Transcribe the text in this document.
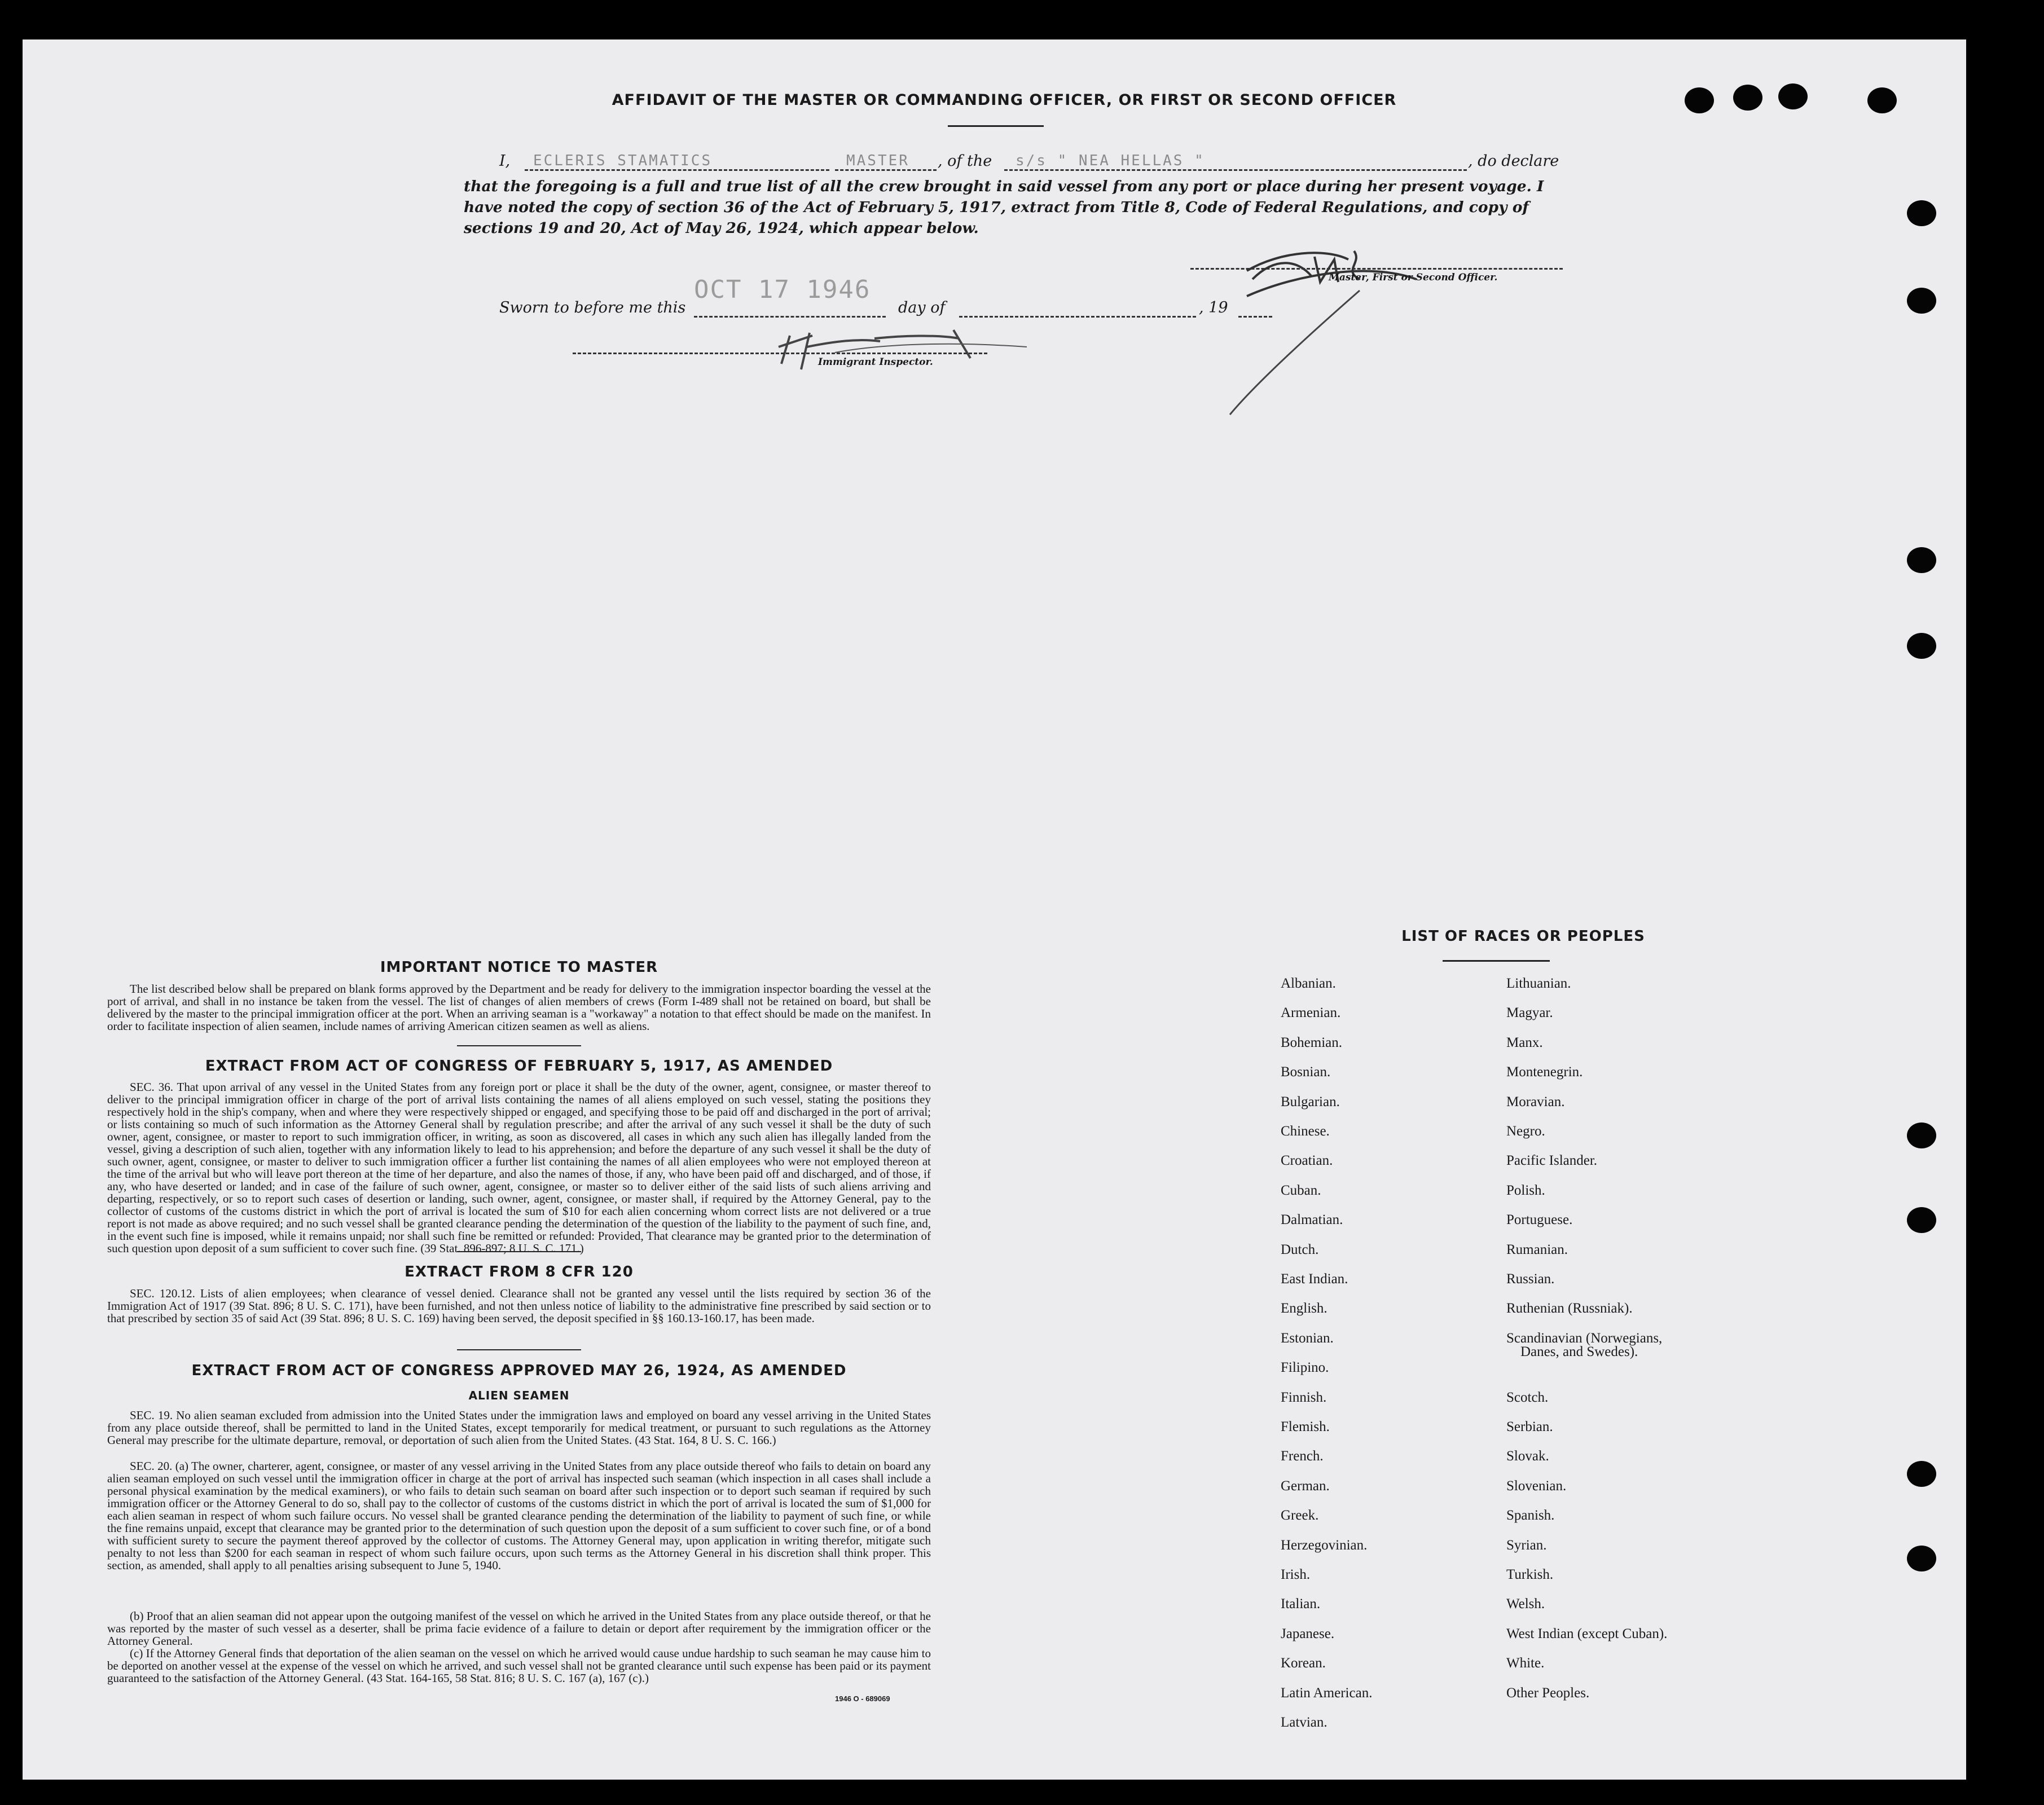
AFFIDAVIT OF THE MASTER OR COMMANDING OFFICER, OR FIRST OR SECOND OFFICER
I,	ECLERIS STAMATICS	MASTER , of the s/s " NEA HELLAS "	, do declare
that the foregoing is a full and true list of all the crew brought in said vessel from any port or place during her present voyage. I have noted the copy of section 36 of the Act of February 5, 1917, extract from Title 8, Code of Federal Regulations, and copy of sections 19 and 20, Act of May 26, 1924, which appear below.
Master, First or Second Officer.
Sworn to before me this
OCT 17 1946
day of	, 19
Immigrant Inspector.
IMPORTANT NOTICE TO MASTER
The list described below shall be prepared on blank forms approved by the Department and be ready for delivery to the immigration inspector boarding the vessel at the port of arrival, and shall in no instance be taken from the vessel. The list of changes of alien members of crews (Form I-489 shall not be retained on board, but shall be delivered by the master to the principal immigration officer at the port. When an arriving seaman is a "workaway" a notation to that effect should be made on the manifest. In order to facilitate inspection of alien seamen, include names of arriving American citizen seamen as well as aliens.
EXTRACT FROM ACT OF CONGRESS OF FEBRUARY 5, 1917, AS AMENDED
SEC. 36. That upon arrival of any vessel in the United States from any foreign port or place it shall be the duty of the owner, agent, consignee, or master thereof to deliver to the principal immigration officer in charge of the port of arrival lists containing the names of all aliens employed on such vessel, stating the positions they respectively hold in the ship's company, when and where they were respectively shipped or engaged, and specifying those to be paid off and discharged in the port of arrival; or lists containing so much of such information as the Attorney General shall by regulation prescribe; and after the arrival of any such vessel it shall be the duty of such owner, agent, consignee, or master to report to such immigration officer, in writing, as soon as discovered, all cases in which any such alien has illegally landed from the vessel, giving a description of such alien, together with any information likely to lead to his apprehension; and before the departure of any such vessel it shall be the duty of such owner, agent, consignee, or master to deliver to such immigration officer a further list containing the names of all alien employees who were not employed thereon at the time of the arrival but who will leave port thereon at the time of her departure, and also the names of those, if any, who have been paid off and discharged, and of those, if any, who have deserted or landed; and in case of the failure of such owner, agent, consignee, or master so to deliver either of the said lists of such aliens arriving and departing, respectively, or so to report such cases of desertion or landing, such owner, agent, consignee, or master shall, if required by the Attorney General, pay to the collector of customs of the customs district in which the port of arrival is located the sum of $10 for each alien concerning whom correct lists are not delivered or a true report is not made as above required; and no such vessel shall be granted clearance pending the determination of the question of the liability to the payment of such fine, and, in the event such fine is imposed, while it remains unpaid; nor shall such fine be remitted or refunded: Provided, That clearance may be granted prior to the determination of such question upon deposit of a sum sufficient to cover such fine. (39 Stat. 896-897; 8 U. S. C. 171.)
EXTRACT FROM 8 CFR 120
SEC. 120.12. Lists of alien employees; when clearance of vessel denied. Clearance shall not be granted any vessel until the lists required by section 36 of the Immigration Act of 1917 (39 Stat. 896; 8 U. S. C. 171), have been furnished, and not then unless notice of liability to the administrative fine prescribed by said section or to that prescribed by section 35 of said Act (39 Stat. 896; 8 U. S. C. 169) having been served, the deposit specified in §§ 160.13-160.17, has been made.
EXTRACT FROM ACT OF CONGRESS APPROVED MAY 26, 1924, AS AMENDED
ALIEN SEAMEN
SEC. 19. No alien seaman excluded from admission into the United States under the immigration laws and employed on board any vessel arriving in the United States from any place outside thereof, shall be permitted to land in the United States, except temporarily for medical treatment, or pursuant to such regulations as the Attorney General may prescribe for the ultimate departure, removal, or deportation of such alien from the United States. (43 Stat. 164, 8 U. S. C. 166.)
SEC. 20. (a) The owner, charterer, agent, consignee, or master of any vessel arriving in the United States from any place outside thereof who fails to detain on board any alien seaman employed on such vessel until the immigration officer in charge at the port of arrival has inspected such seaman (which inspection in all cases shall include a personal physical examination by the medical examiners), or who fails to detain such seaman on board after such inspection or to deport such seaman if required by such immigration officer or the Attorney General to do so, shall pay to the collector of customs of the customs district in which the port of arrival is located the sum of $1,000 for each alien seaman in respect of whom such failure occurs. No vessel shall be granted clearance pending the determination of the liability to payment of such fine, or while the fine remains unpaid, except that clearance may be granted prior to the determination of such question upon the deposit of a sum sufficient to cover such fine, or of a bond with sufficient surety to secure the payment thereof approved by the collector of customs. The Attorney General may, upon application in writing therefor, mitigate such penalty to not less than $200 for each seaman in respect of whom such failure occurs, upon such terms as the Attorney General in his discretion shall think proper. This section, as amended, shall apply to all penalties arising subsequent to June 5, 1940.
(b) Proof that an alien seaman did not appear upon the outgoing manifest of the vessel on which he arrived in the United States from any place outside thereof, or that he was reported by the master of such vessel as a deserter, shall be prima facie evidence of a failure to detain or deport after requirement by the immigration officer or the Attorney General.
(c) If the Attorney General finds that deportation of the alien seaman on the vessel on which he arrived would cause undue hardship to such seaman he may cause him to be deported on another vessel at the expense of the vessel on which he arrived, and such vessel shall not be granted clearance until such expense has been paid or its payment guaranteed to the satisfaction of the Attorney General. (43 Stat. 164-165, 58 Stat. 816; 8 U. S. C. 167 (a), 167 (c).)
1946 O - 689069
LIST OF RACES OR PEOPLES
Albanian.
Armenian.
Bohemian.
Bosnian.
Bulgarian.
Chinese.
Croatian.
Cuban.
Dalmatian.
Dutch.
East Indian.
English.
Estonian.
Filipino.
Finnish.
Flemish.
French.
German.
Greek.
Herzegovinian.
Irish.
Italian.
Japanese.
Korean.
Latin American.
Latvian.
Lithuanian.
Magyar.
Manx.
Montenegrin.
Moravian.
Negro.
Pacific Islander.
Polish.
Portuguese.
Rumanian.
Russian.
Ruthenian (Russniak).
Scandinavian (Norwegians,
Danes, and Swedes).
Scotch.
Serbian.
Slovak.
Slovenian.
Spanish.
Syrian.
Turkish.
Welsh.
West Indian (except Cuban).
White.
Other Peoples.
